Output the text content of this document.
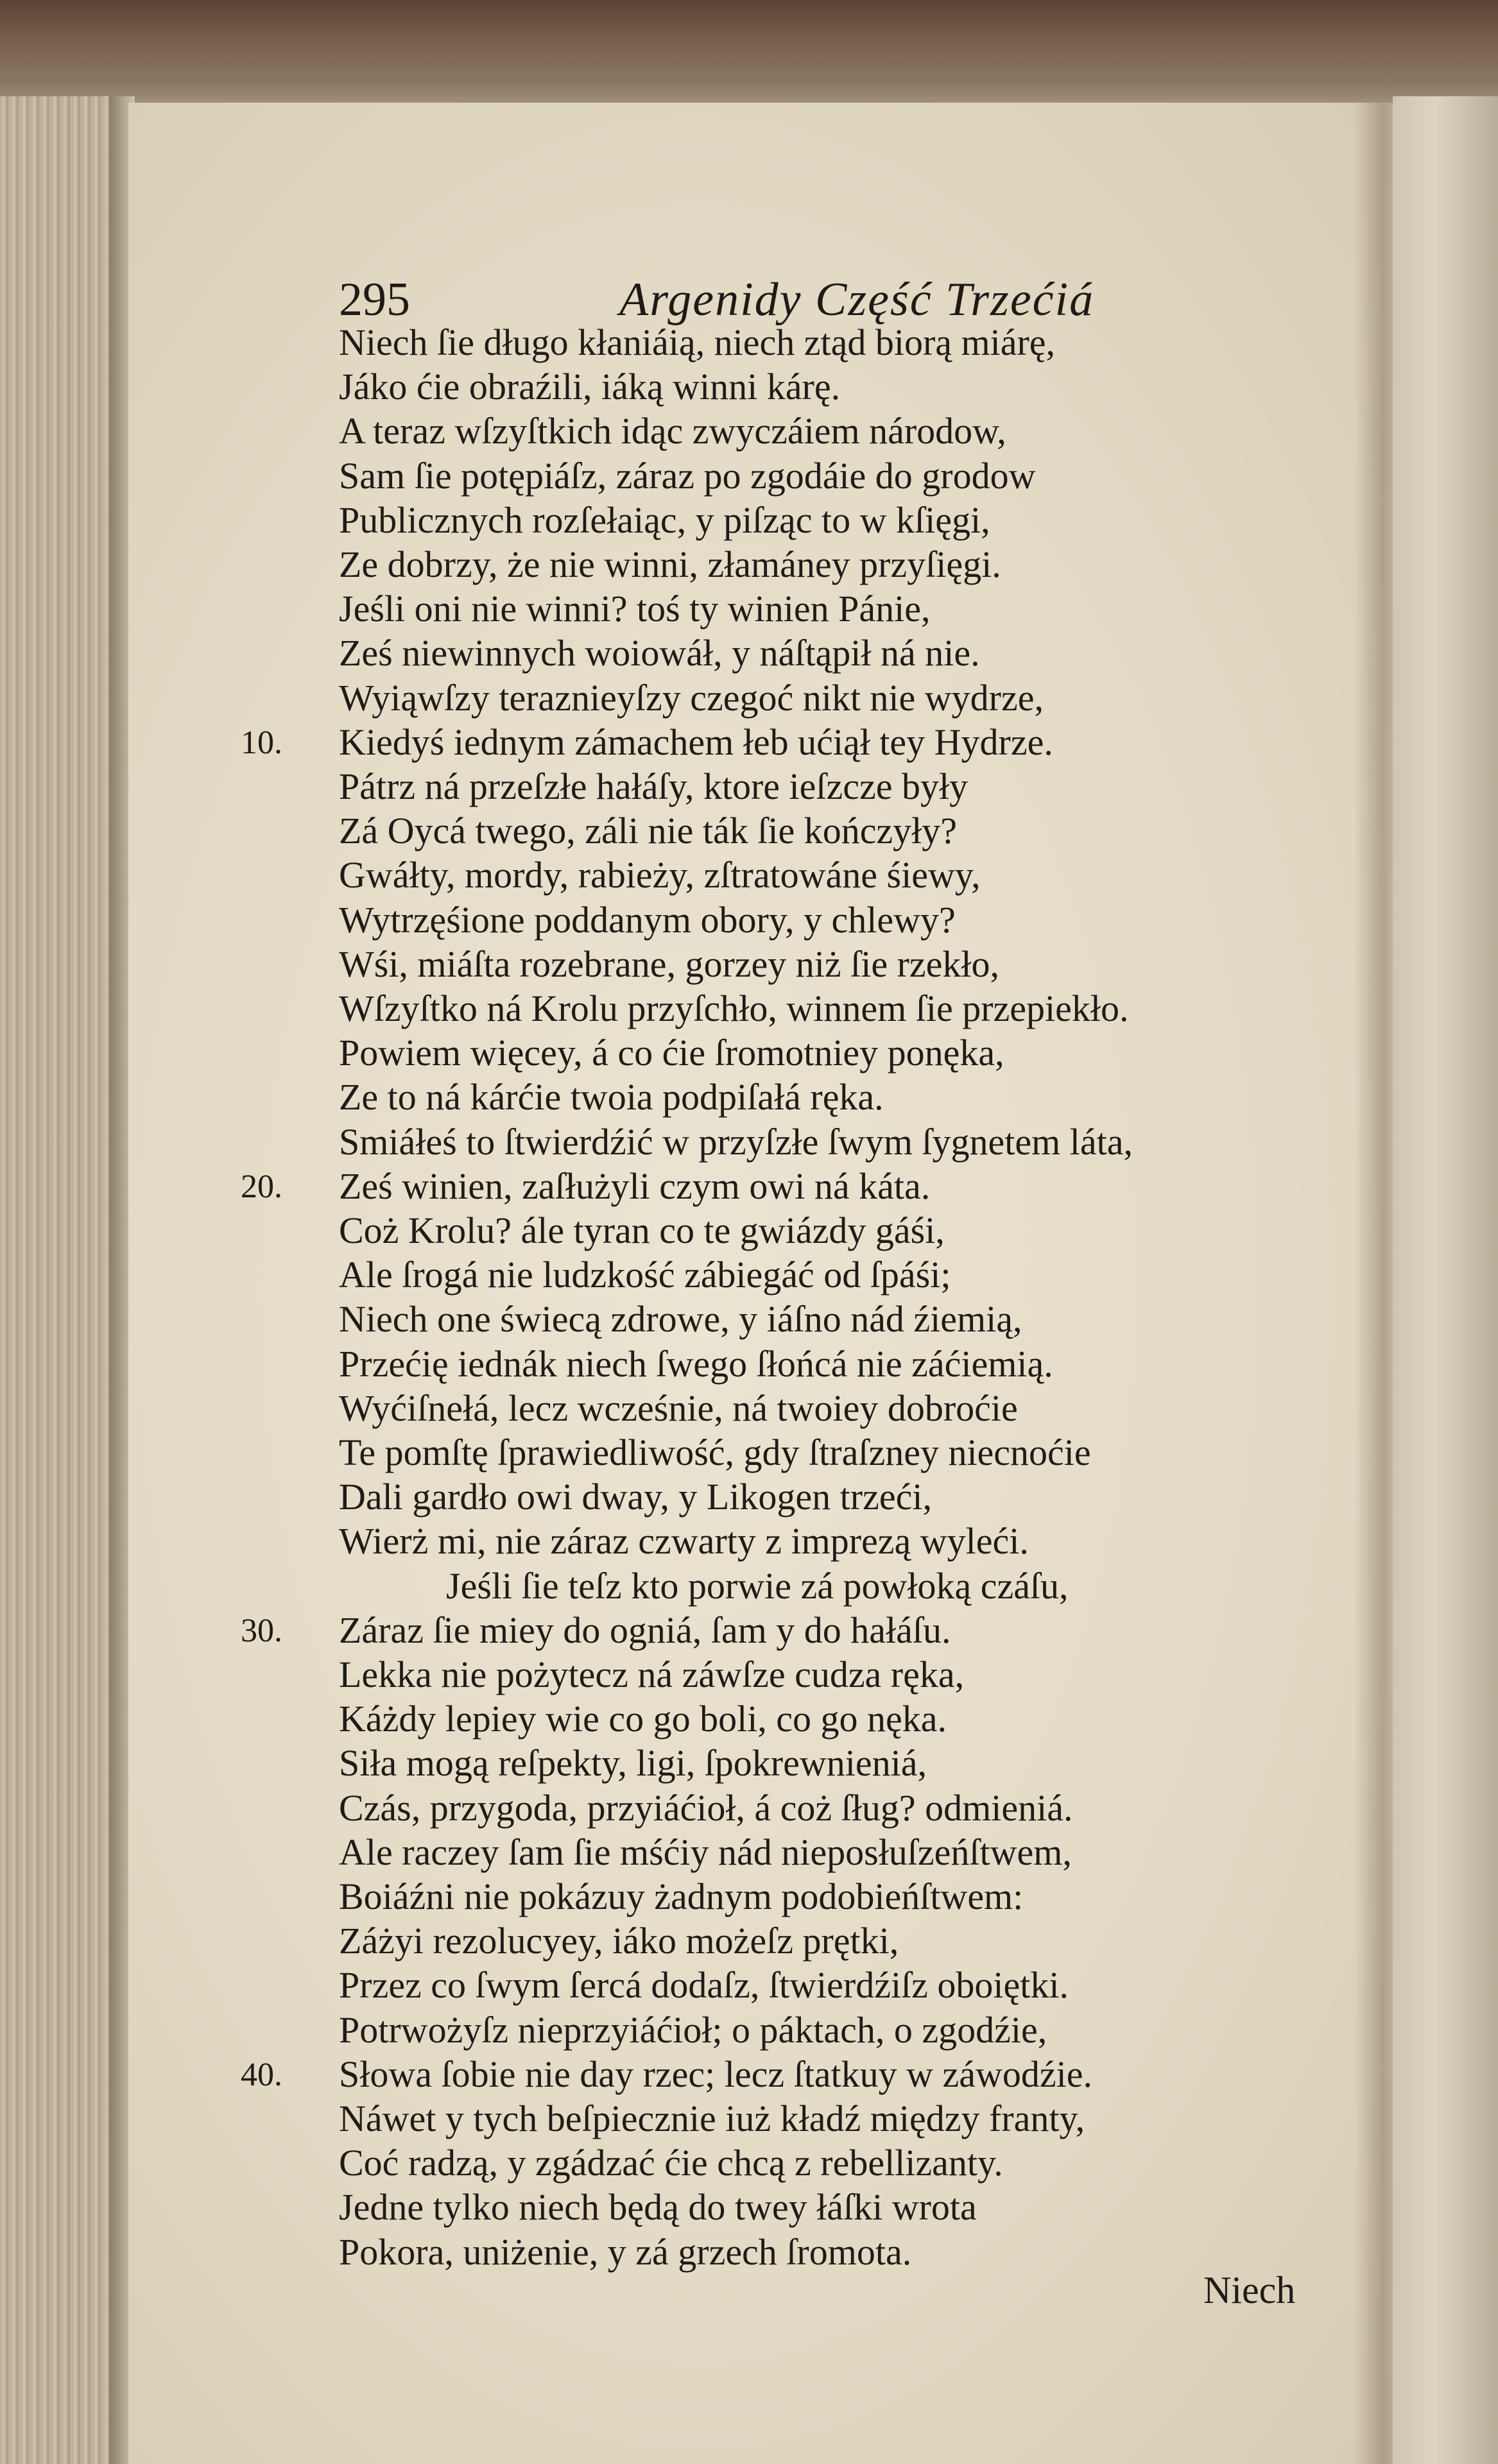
295	Argenidy Część Trzećiá
Niech ſie długo kłaniáią, niech ztąd biorą miárę,
Jáko ćie obraźili, iáką winni kárę.
A teraz wſzyſtkich idąc zwyczáiem národow,
Sam ſie potępiáſz, záraz po zgodáie do grodow
Publicznych rozſełaiąc, y piſząc to w kſięgi,
Ze dobrzy, że nie winni, złamáney przyſięgi.
Jeśli oni nie winni? toś ty winien Pánie,
Ześ niewinnych woiowáł, y náſtąpił ná nie.
Wyiąwſzy teraznieyſzy czegoć nikt nie wydrze,
Kiedyś iednym zámachem łeb ućiął tey Hydrze.
10.
Pátrz ná przeſzłe hałáſy, ktore ieſzcze były
Zá Oycá twego, záli nie ták ſie kończyły?
Gwáłty, mordy, rabieży, zſtratowáne śiewy,
Wytrzęśione poddanym obory, y chlewy?
Wśi, miáſta rozebrane, gorzey niż ſie rzekło,
Wſzyſtko ná Krolu przyſchło, winnem ſie przepiekło.
Powiem więcey, á co ćie ſromotniey ponęka,
Ze to ná kárćie twoia podpiſałá ręka.
Smiáłeś to ſtwierdźić w przyſzłe ſwym ſygnetem láta,
Ześ winien, zaſłużyli czym owi ná káta.
20.
Coż Krolu? ále tyran co te gwiázdy gáśi,
Ale ſrogá nie ludzkość zábiegáć od ſpáśi;
Niech one świecą zdrowe, y iáſno nád źiemią,
Przećię iednák niech ſwego ſłońcá nie záćiemią.
Wyćiſnełá, lecz wcześnie, ná twoiey dobroćie
Te pomſtę ſprawiedliwość, gdy ſtraſzney niecnoćie
Dali gardło owi dway, y Likogen trzeći,
Wierż mi, nie záraz czwarty z imprezą wyleći.
Jeśli ſie teſz kto porwie zá powłoką czáſu,
Záraz ſie miey do ogniá, ſam y do hałáſu.
30.
Lekka nie pożytecz ná záwſze cudza ręka,
Káżdy lepiey wie co go boli, co go nęka.
Siła mogą reſpekty, ligi, ſpokrewnieniá,
Czás, przygoda, przyiáćioł, á coż ſług? odmieniá.
Ale raczey ſam ſie mśćiy nád nieposłuſzeńſtwem,
Boiáźni nie pokázuy żadnym podobieńſtwem:
Záżyi rezolucyey, iáko możeſz prętki,
Przez co ſwym ſercá dodaſz, ſtwierdźiſz oboiętki.
Potrwożyſz nieprzyiáćioł; o páktach, o zgodźie,
Słowa ſobie nie day rzec; lecz ſtatkuy w záwodźie.
40.
Náwet y tych beſpiecznie iuż kładź między franty,
Coć radzą, y zgádzać ćie chcą z rebellizanty.
Jedne tylko niech będą do twey łáſki wrota
Pokora, uniżenie, y zá grzech ſromota.
Niech
